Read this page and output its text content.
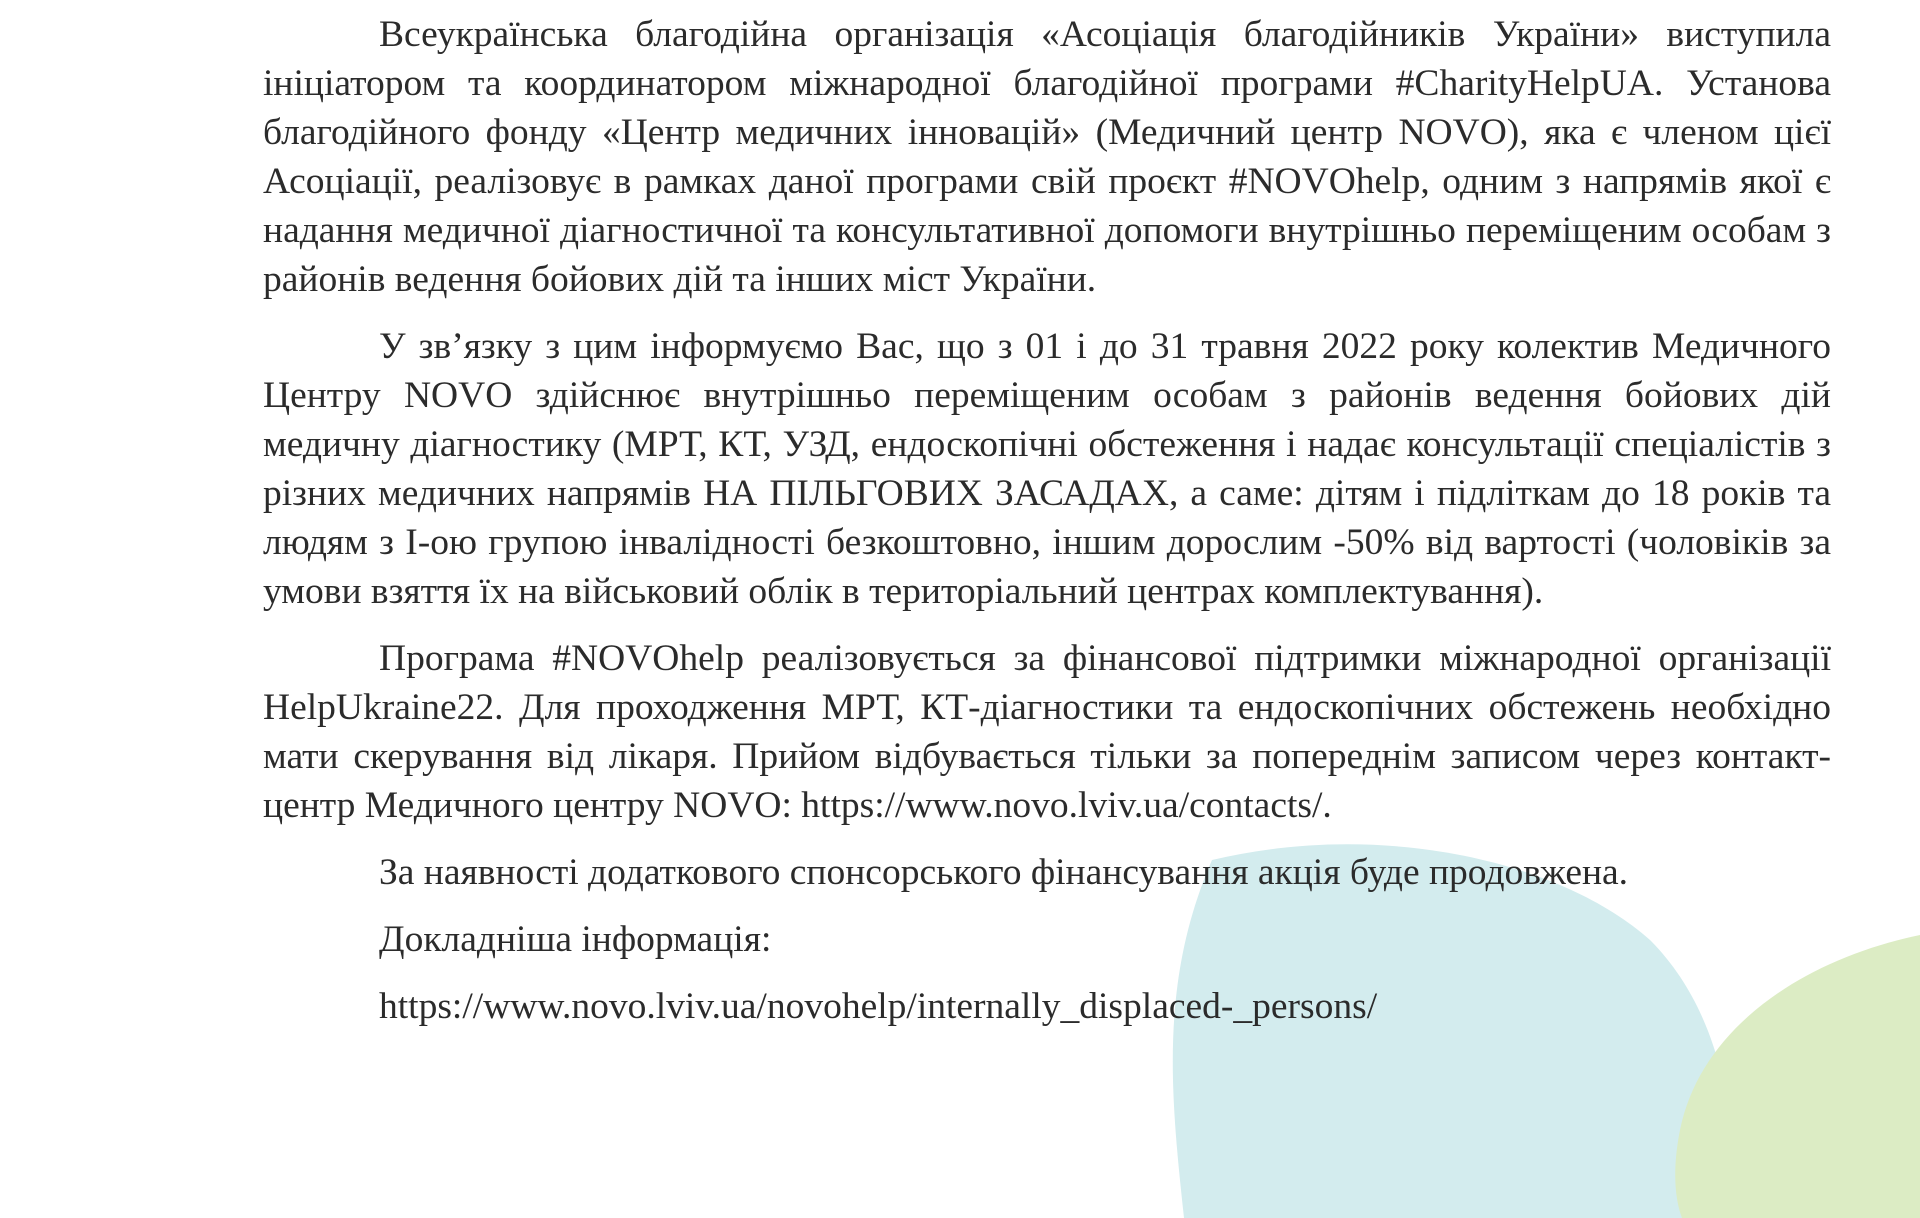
Всеукраїнська благодійна організація «Асоціація благодійників України» виступила ініціатором та координатором міжнародної благодійної програми #CharityHelpUA. Установа благодійного фонду «Центр медичних інновацій» (Медичний центр NOVO), яка є членом цієї Асоціації, реалізовує в рамках даної програми свій проєкт #NOVOhelp, одним з напрямів якої є надання медичної діагностичної та консультативної допомоги внутрішньо переміщеним особам з районів ведення бойових дій та інших міст України.

У зв’язку з цим інформуємо Вас, що з 01 і до 31 травня 2022 року колектив Медичного Центру NOVO здійснює внутрішньо переміщеним особам з районів ведення бойових дій медичну діагностику (МРТ, КТ, УЗД, ендоскопічні обстеження і надає консультації спеціалістів з різних медичних напрямів НА ПІЛЬГОВИХ ЗАСАДАХ, а саме: дітям і підліткам до 18 років та людям з І-ою групою інвалідності безкоштовно, іншим дорослим -50% від вартості (чоловіків за умови взяття їх на військовий облік в територіальний центрах комплектування).

Програма #NOVOhelp реалізовується за фінансової підтримки міжнародної організації HelpUkraine22. Для проходження МРТ, КТ-діагностики та ендоскопічних обстежень необхідно мати скерування від лікаря. Прийом відбувається тільки за попереднім записом через контакт-центр Медичного центру NOVO: https://www.novo.lviv.ua/contacts/.

За наявності додаткового спонсорського фінансування акція буде продовжена.

Докладніша інформація:

https://www.novo.lviv.ua/novohelp/internally_displaced-_persons/
